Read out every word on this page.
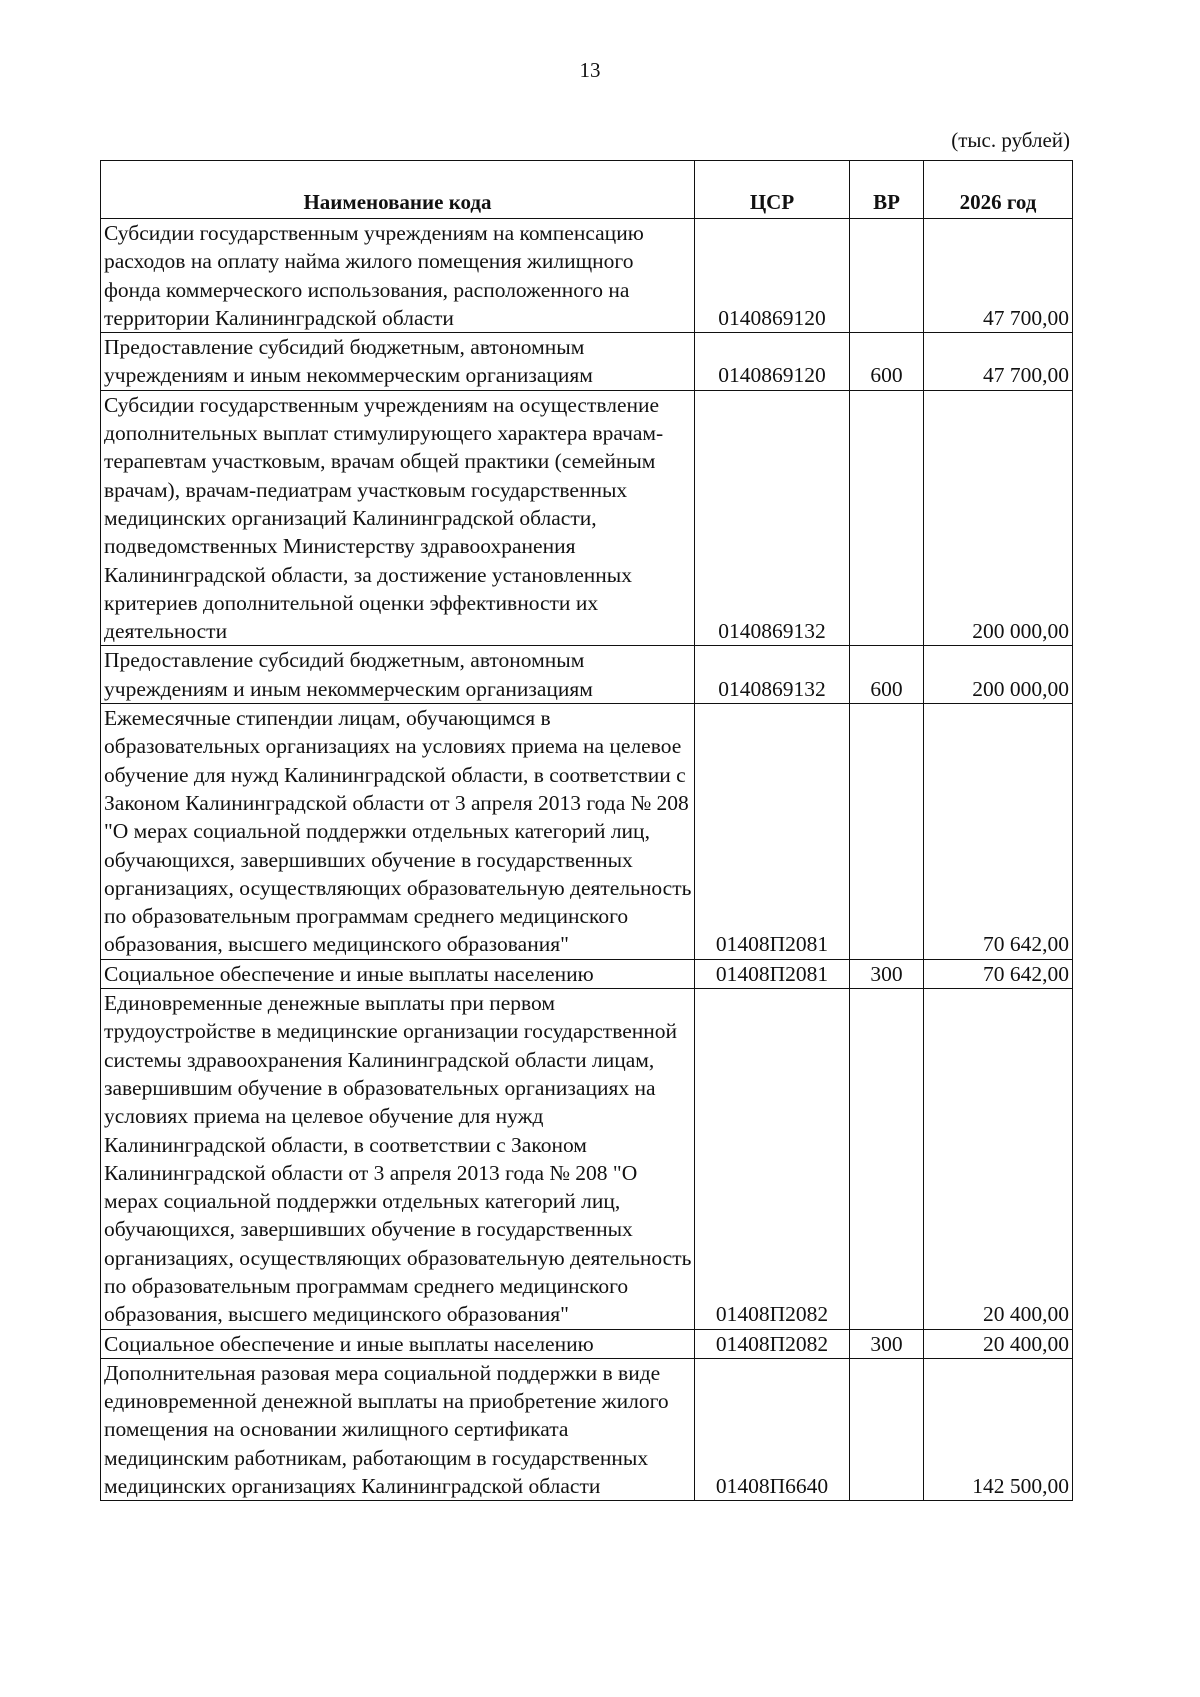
13
(тыс. рублей)
Наименование кода	ЦСР	ВР	2026 год
Субсидии государственным учреждениям на компенсацию расходов на оплату найма жилого помещения жилищного фонда коммерческого использования, расположенного на территории Калининградской области	0140869120		47 700,00
Предоставление субсидий бюджетным, автономным учреждениям и иным некоммерческим организациям	0140869120	600	47 700,00
Субсидии государственным учреждениям на осуществление дополнительных выплат стимулирующего характера врачам-терапевтам участковым, врачам общей практики (семейным врачам), врачам-педиатрам участковым государственных медицинских организаций Калининградской области, подведомственных Министерству здравоохранения Калининградской области, за достижение установленных критериев дополнительной оценки эффективности их деятельности	0140869132		200 000,00
Предоставление субсидий бюджетным, автономным учреждениям и иным некоммерческим организациям	0140869132	600	200 000,00
Ежемесячные стипендии лицам, обучающимся в образовательных организациях на условиях приема на целевое обучение для нужд Калининградской области, в соответствии с Законом Калининградской области от 3 апреля 2013 года № 208 "О мерах социальной поддержки отдельных категорий лиц, обучающихся, завершивших обучение в государственных организациях, осуществляющих образовательную деятельность по образовательным программам среднего медицинского образования, высшего медицинского образования"	01408П2081		70 642,00
Социальное обеспечение и иные выплаты населению	01408П2081	300	70 642,00
Единовременные денежные выплаты при первом трудоустройстве в медицинские организации государственной системы здравоохранения Калининградской области лицам, завершившим обучение в образовательных организациях на условиях приема на целевое обучение для нужд Калининградской области, в соответствии с Законом Калининградской области от 3 апреля 2013 года № 208 "О мерах социальной поддержки отдельных категорий лиц, обучающихся, завершивших обучение в государственных организациях, осуществляющих образовательную деятельность по образовательным программам среднего медицинского образования, высшего медицинского образования"	01408П2082		20 400,00
Социальное обеспечение и иные выплаты населению	01408П2082	300	20 400,00
Дополнительная разовая мера социальной поддержки в виде единовременной денежной выплаты на приобретение жилого помещения на основании жилищного сертификата медицинским работникам, работающим в государственных медицинских организациях Калининградской области	01408П6640		142 500,00
